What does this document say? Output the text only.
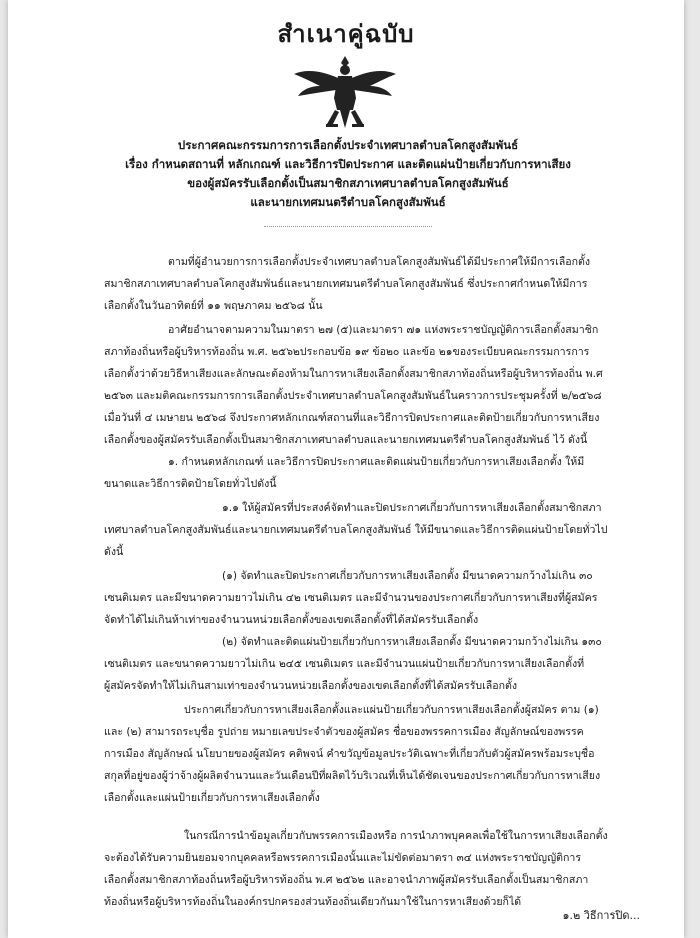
สำเนาคู่ฉบับ
ประกาศคณะกรรมการการเลือกตั้งประจำเทศบาลตำบลโคกสูงสัมพันธ์
เรื่อง กำหนดสถานที่ หลักเกณฑ์ และวิธีการปิดประกาศ และติดแผ่นป้ายเกี่ยวกับการหาเสียง
ของผู้สมัครรับเลือกตั้งเป็นสมาชิกสภาเทศบาลตำบลโคกสูงสัมพันธ์
และนายกเทศมนตรีตำบลโคกสูงสัมพันธ์
ตามที่ผู้อำนวยการการเลือกตั้งประจำเทศบาลตำบลโคกสูงสัมพันธ์ได้มีประกาศให้มีการเลือกตั้ง
สมาชิกสภาเทศบาลตำบลโคกสูงสัมพันธ์และนายกเทศมนตรีตำบลโคกสูงสัมพันธ์ ซึ่งประกาศกำหนดให้มีการ
เลือกตั้งในวันอาทิตย์ที่ ๑๑ พฤษภาคม ๒๕๖๘ นั้น
อาศัยอำนาจตามความในมาตรา ๒๗ (๕)และมาตรา ๗๑ แห่งพระราชบัญญัติการเลือกตั้งสมาชิก
สภาท้องถิ่นหรือผู้บริหารท้องถิ่น พ.ศ. ๒๕๖๒ประกอบข้อ ๑๙ ข้อ๒๐ และข้อ ๒๑ของระเบียบคณะกรรมการการ
เลือกตั้งว่าด้วยวิธีหาเสียงและลักษณะต้องห้ามในการหาเสียงเลือกตั้งสมาชิกสภาท้องถิ่นหรือผู้บริหารท้องถิ่น พ.ศ
๒๕๖๓ และมติคณะกรรมการการเลือกตั้งประจำเทศบาลตำบลโคกสูงสัมพันธ์ในคราวการประชุมครั้งที่ ๒/๒๕๖๘
เมื่อวันที่ ๔ เมษายน ๒๕๖๘ จึงประกาศหลักเกณฑ์สถานที่และวิธีการปิดประกาศและติดป้ายเกี่ยวกับการหาเสียง
เลือกตั้งของผู้สมัครรับเลือกตั้งเป็นสมาชิกสภาเทศบาลตำบลและนายกเทศมนตรีตำบลโคกสูงสัมพันธ์ ไว้ ดังนี้
๑. กำหนดหลักเกณฑ์ และวิธีการปิดประกาศและติดแผ่นป้ายเกี่ยวกับการหาเสียงเลือกตั้ง ให้มี
ขนาดและวิธีการติดป้ายโดยทั่วไปดังนี้
๑.๑ ให้ผู้สมัครที่ประสงค์จัดทำและปิดประกาศเกี่ยวกับการหาเสียงเลือกตั้งสมาชิกสภา
เทศบาลตำบลโคกสูงสัมพันธ์และนายกเทศมนตรีตำบลโคกสูงสัมพันธ์ ให้มีขนาดและวิธีการติดแผ่นป้ายโดยทั่วไป
ดังนี้
(๑) จัดทำและปิดประกาศเกี่ยวกับการหาเสียงเลือกตั้ง มีขนาดความกว้างไม่เกิน ๓๐
เซนติเมตร และมีขนาดความยาวไม่เกิน ๔๒ เซนติเมตร และมีจำนวนของประกาศเกี่ยวกับการหาเสียงที่ผู้สมัคร
จัดทำได้ไม่เกินห้าเท่าของจำนวนหน่วยเลือกตั้งของเขตเลือกตั้งที่ได้สมัครรับเลือกตั้ง
(๒) จัดทำและติดแผ่นป้ายเกี่ยวกับการหาเสียงเลือกตั้ง มีขนาดความกว้างไม่เกิน ๑๓๐
เซนติเมตร และขนาดความยาวไม่เกิน ๒๔๕ เซนติเมตร และมีจำนวนแผ่นป้ายเกี่ยวกับการหาเสียงเลือกตั้งที่
ผู้สมัครจัดทำให้ไม่เกินสามเท่าของจำนวนหน่วยเลือกตั้งของเขตเลือกตั้งที่ได้สมัครรับเลือกตั้ง
ประกาศเกี่ยวกับการหาเสียงเลือกตั้งและแผ่นป้ายเกี่ยวกับการหาเสียงเลือกตั้งผู้สมัคร ตาม (๑)
และ (๒) สามารถระบุชื่อ รูปถ่าย หมายเลขประจำตัวของผู้สมัคร ชื่อของพรรคการเมือง สัญลักษณ์ของพรรค
การเมือง สัญลักษณ์ นโยบายของผู้สมัคร คติพจน์ คำขวัญข้อมูลประวัติเฉพาะที่เกี่ยวกับตัวผู้สมัครพร้อมระบุชื่อ
สกุลที่อยู่ของผู้ว่าจ้างผู้ผลิตจำนวนและวันเดือนปีที่ผลิตไว้บริเวณที่เห็นได้ชัดเจนของประกาศเกี่ยวกับการหาเสียง
เลือกตั้งและแผ่นป้ายเกี่ยวกับการหาเสียงเลือกตั้ง
ในกรณีการนำข้อมูลเกี่ยวกับพรรคการเมืองหรือ การนำภาพบุคคลเพื่อใช้ในการหาเสียงเลือกตั้ง
จะต้องได้รับความยินยอมจากบุคคลหรือพรรคการเมืองนั้นและไม่ขัดต่อมาตรา ๓๔ แห่งพระราชบัญญัติการ
เลือกตั้งสมาชิกสภาท้องถิ่นหรือผู้บริหารท้องถิ่น พ.ศ ๒๕๖๒ และอาจนำภาพผู้สมัครรับเลือกตั้งเป็นสมาชิกสภา
ท้องถิ่นหรือผู้บริหารท้องถิ่นในองค์กรปกครองส่วนท้องถิ่นเดียวกันมาใช้ในการหาเสียงด้วยก็ได้
๑.๒ วิธีการปิด...
